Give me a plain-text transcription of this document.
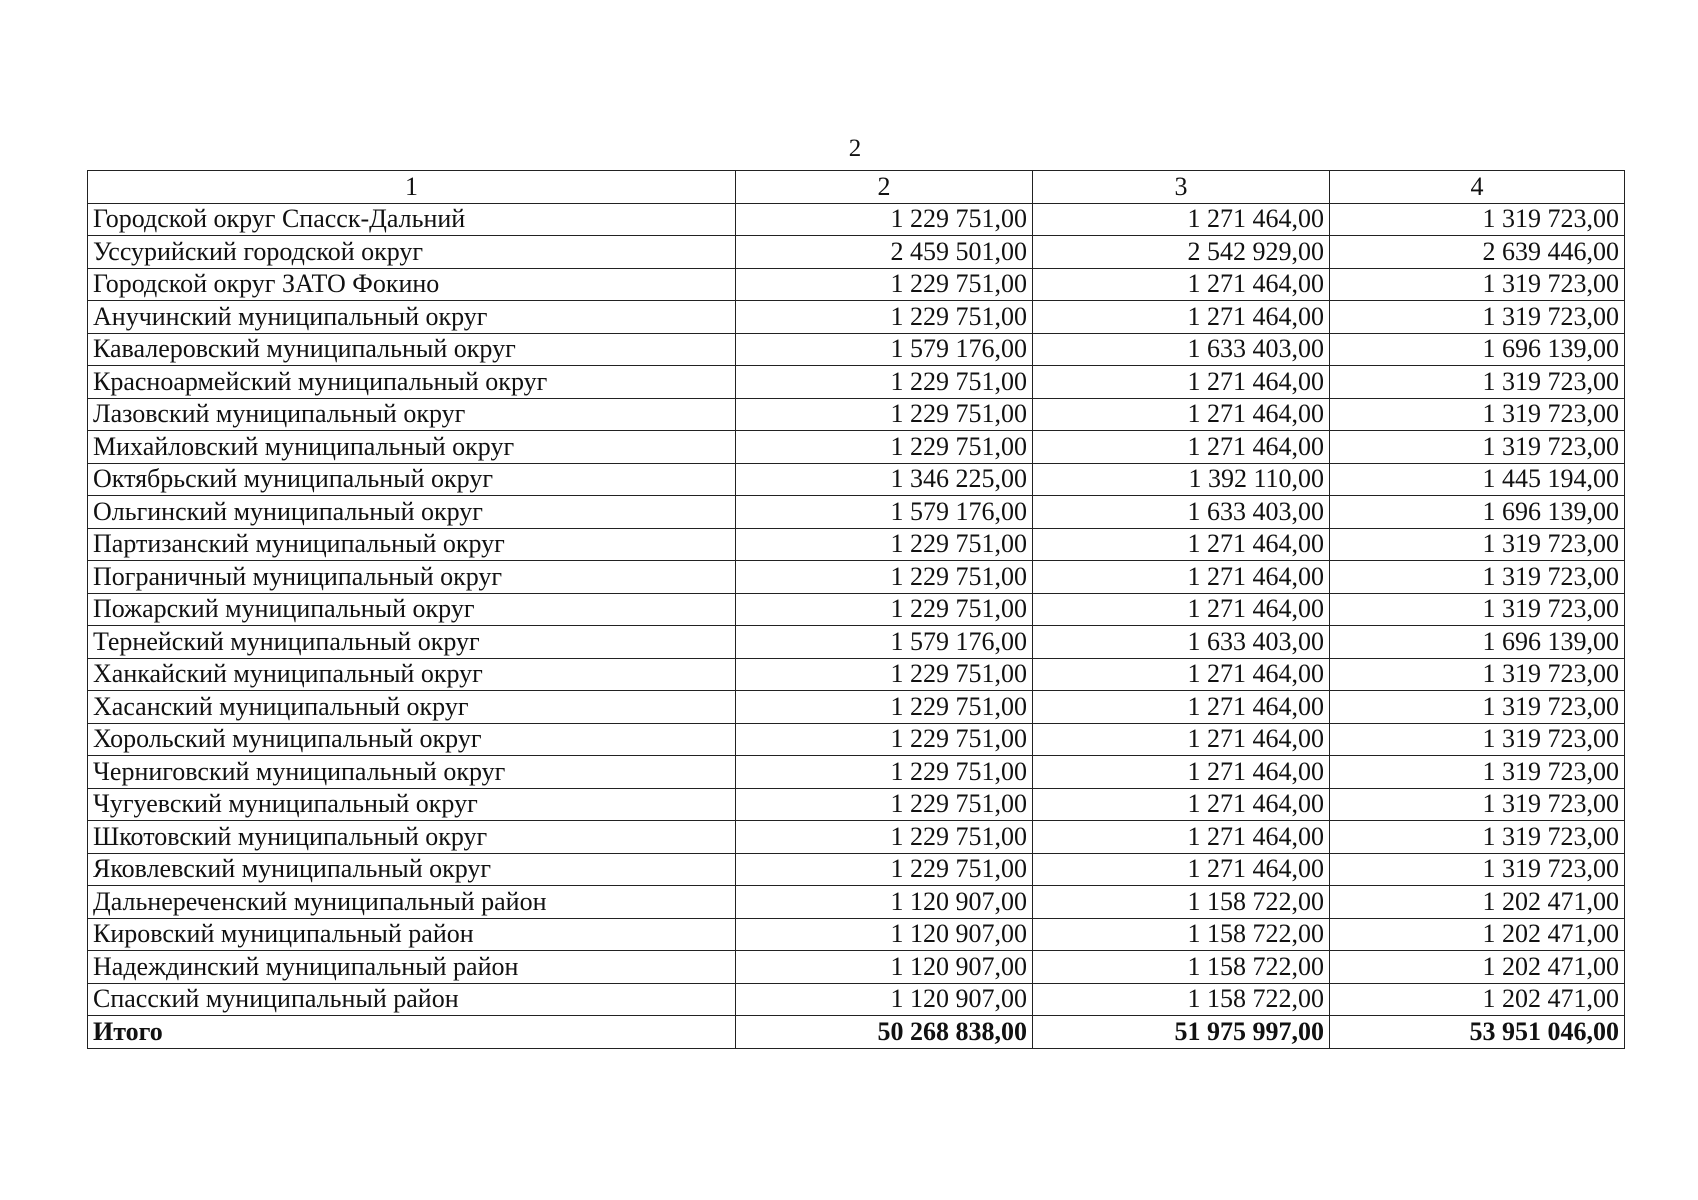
2
1	2	3	4
Городской округ Спасск-Дальний	1 229 751,00	1 271 464,00	1 319 723,00
Уссурийский городской округ	2 459 501,00	2 542 929,00	2 639 446,00
Городской округ ЗАТО Фокино	1 229 751,00	1 271 464,00	1 319 723,00
Анучинский муниципальный округ	1 229 751,00	1 271 464,00	1 319 723,00
Кавалеровский муниципальный округ	1 579 176,00	1 633 403,00	1 696 139,00
Красноармейский муниципальный округ	1 229 751,00	1 271 464,00	1 319 723,00
Лазовский муниципальный округ	1 229 751,00	1 271 464,00	1 319 723,00
Михайловский муниципальный округ	1 229 751,00	1 271 464,00	1 319 723,00
Октябрьский муниципальный округ	1 346 225,00	1 392 110,00	1 445 194,00
Ольгинский муниципальный округ	1 579 176,00	1 633 403,00	1 696 139,00
Партизанский муниципальный округ	1 229 751,00	1 271 464,00	1 319 723,00
Пограничный муниципальный округ	1 229 751,00	1 271 464,00	1 319 723,00
Пожарский муниципальный округ	1 229 751,00	1 271 464,00	1 319 723,00
Тернейский муниципальный округ	1 579 176,00	1 633 403,00	1 696 139,00
Ханкайский муниципальный округ	1 229 751,00	1 271 464,00	1 319 723,00
Хасанский муниципальный округ	1 229 751,00	1 271 464,00	1 319 723,00
Хорольский муниципальный округ	1 229 751,00	1 271 464,00	1 319 723,00
Черниговский муниципальный округ	1 229 751,00	1 271 464,00	1 319 723,00
Чугуевский муниципальный округ	1 229 751,00	1 271 464,00	1 319 723,00
Шкотовский муниципальный округ	1 229 751,00	1 271 464,00	1 319 723,00
Яковлевский муниципальный округ	1 229 751,00	1 271 464,00	1 319 723,00
Дальнереченский муниципальный район	1 120 907,00	1 158 722,00	1 202 471,00
Кировский муниципальный район	1 120 907,00	1 158 722,00	1 202 471,00
Надеждинский муниципальный район	1 120 907,00	1 158 722,00	1 202 471,00
Спасский муниципальный район	1 120 907,00	1 158 722,00	1 202 471,00
Итого	50 268 838,00	51 975 997,00	53 951 046,00
